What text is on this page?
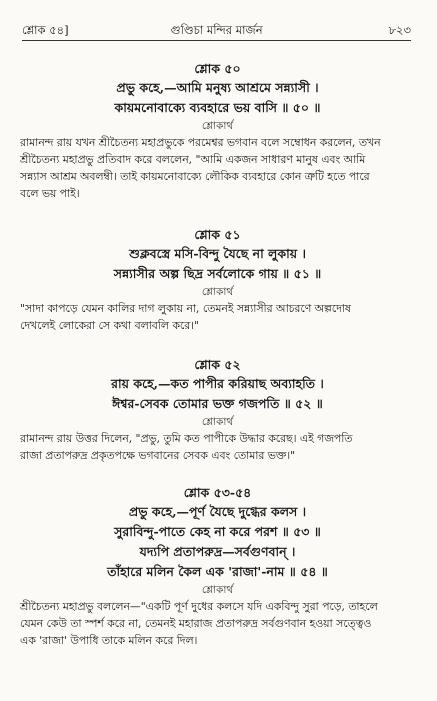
শ্লোক ৫৪]	গুণ্ডিচা মন্দির মার্জন	৮২৩
শ্লোক ৫০
প্রভু কহে,—আমি মনুষ্য আশ্রমে সন্ন্যাসী ।
কায়মনোবাক্যে ব্যবহারে ভয় বাসি ॥ ৫০ ॥
শ্লোকার্থ
রামানন্দ রায় যখন শ্রীচৈতন্য মহাপ্রভুকে পরমেশ্বর ভগবান বলে সম্বোধন করলেন, তখন
শ্রীচৈতন্য মহাপ্রভু প্রতিবাদ করে বললেন, "আমি একজন সাধারণ মানুষ এবং আমি
সন্ন্যাস আশ্রম অবলম্বী। তাই কায়মনোবাক্যে লৌকিক ব্যবহারে কোন ত্রুটি হতে পারে
বলে ভয় পাই।
শ্লোক ৫১
শুক্লবস্ত্রে মসি-বিন্দু যৈছে না লুকায় ।
সন্ন্যাসীর অল্প ছিদ্র সর্বলোকে গায় ॥ ৫১ ॥
শ্লোকার্থ
"সাদা কাপড়ে যেমন কালির দাগ লুকায় না, তেমনই সন্ন্যাসীর আচরণে অল্পদোষ
দেখলেই লোকেরা সে কথা বলাবলি করে।"
শ্লোক ৫২
রায় কহে,—কত পাপীর করিয়াছ অব্যাহতি ।
ঈশ্বর-সেবক তোমার ভক্ত গজপতি ॥ ৫২ ॥
শ্লোকার্থ
রামানন্দ রায় উত্তর দিলেন, "প্রভু, তুমি কত পাপীকে উদ্ধার করেছ। এই গজপতি
রাজা প্রতাপরুদ্র প্রকৃতপক্ষে ভগবানের সেবক এবং তোমার ভক্ত।"
শ্লোক ৫৩-৫৪
প্রভু কহে,—পূর্ণ যৈছে দুগ্ধের কলস ।
সুরাবিন্দু-পাতে কেহ না করে পরশ ॥ ৫৩ ॥
যদ্যপি প্রতাপরুদ্র—সর্বগুণবান্ ।
তাঁহারে মলিন কৈল এক 'রাজা'-নাম ॥ ৫৪ ॥
শ্লোকার্থ
শ্রীচৈতন্য মহাপ্রভু বললেন—"একটি পূর্ণ দুধের কলসে যদি একবিন্দু সুরা পড়ে, তাহলে
যেমন কেউ তা স্পর্শ করে না, তেমনই মহারাজ প্রতাপরুদ্র সর্বগুণবান হওয়া সত্ত্বেও
এক 'রাজা' উপাধি তাকে মলিন করে দিল।
